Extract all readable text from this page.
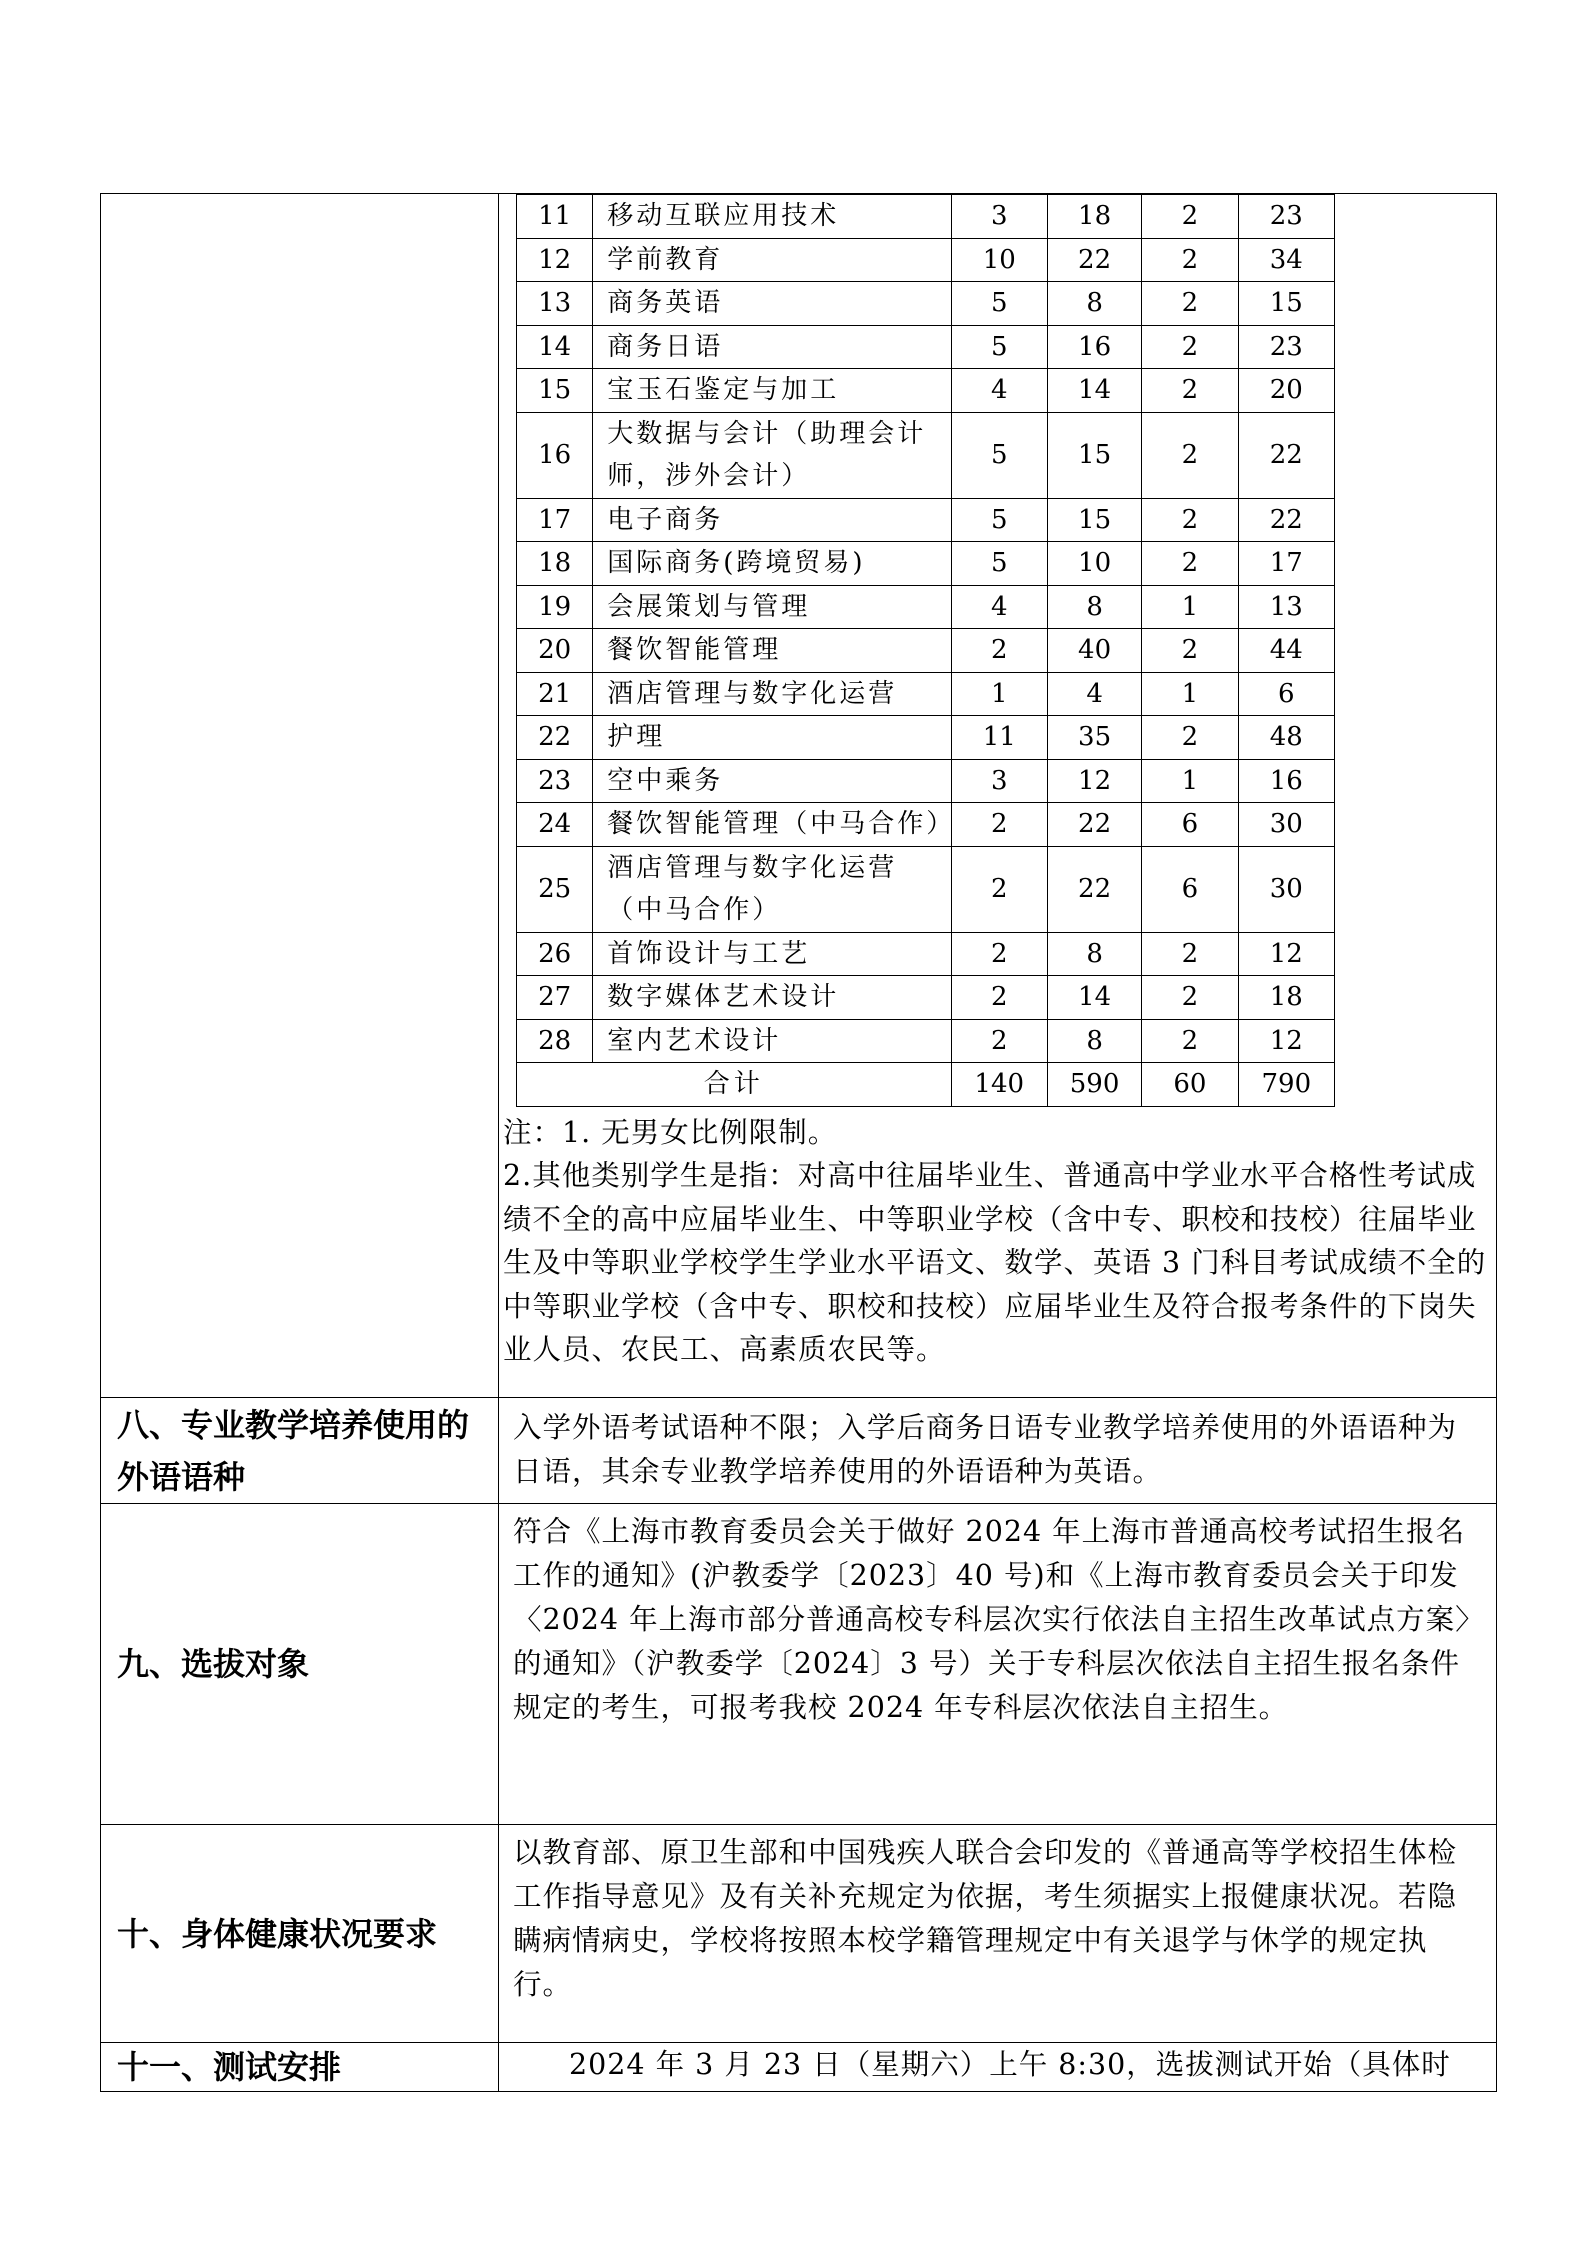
11	移动互联应用技术	3	18	2	23
12	学前教育	10	22	2	34
13	商务英语	5	8	2	15
14	商务日语	5	16	2	23
15	宝玉石鉴定与加工	4	14	2	20
16	大数据与会计（助理会计师，涉外会计）	5	15	2	22
17	电子商务	5	15	2	22
18	国际商务(跨境贸易)	5	10	2	17
19	会展策划与管理	4	8	1	13
20	餐饮智能管理	2	40	2	44
21	酒店管理与数字化运营	1	4	1	6
22	护理	11	35	2	48
23	空中乘务	3	12	1	16
24	餐饮智能管理（中马合作）	2	22	6	30
25	酒店管理与数字化运营（中马合作）	2	22	6	30
26	首饰设计与工艺	2	8	2	12
27	数字媒体艺术设计	2	14	2	18
28	室内艺术设计	2	8	2	12
合计	140	590	60	790

注：1. 无男女比例限制。

2.其他类别学生是指：对高中往届毕业生、普通高中学业水平合格性考试成绩不全的高中应届毕业生、中等职业学校（含中专、职校和技校）往届毕业生及中等职业学校学生学业水平语文、数学、英语 3 门科目考试成绩不全的中等职业学校（含中专、职校和技校）应届毕业生及符合报考条件的下岗失业人员、农民工、高素质农民等。

八、专业教学培养使用的外语语种	

入学外语考试语种不限；入学后商务日语专业教学培养使用的外语语种为日语，其余专业教学培养使用的外语语种为英语。

九、选拔对象	

符合《上海市教育委员会关于做好 2024 年上海市普通高校考试招生报名工作的通知》(沪教委学〔2023〕40 号)和《上海市教育委员会关于印发〈2024 年上海市部分普通高校专科层次实行依法自主招生改革试点方案〉的通知》（沪教委学〔2024〕3 号）关于专科层次依法自主招生报名条件规定的考生，可报考我校 2024 年专科层次依法自主招生。

十、身体健康状况要求	

以教育部、原卫生部和中国残疾人联合会印发的《普通高等学校招生体检工作指导意见》及有关补充规定为依据，考生须据实上报健康状况。若隐瞒病情病史，学校将按照本校学籍管理规定中有关退学与休学的规定执行。

十一、测试安排	2024 年 3 月 23 日（星期六）上午 8:30，选拔测试开始（具体时
